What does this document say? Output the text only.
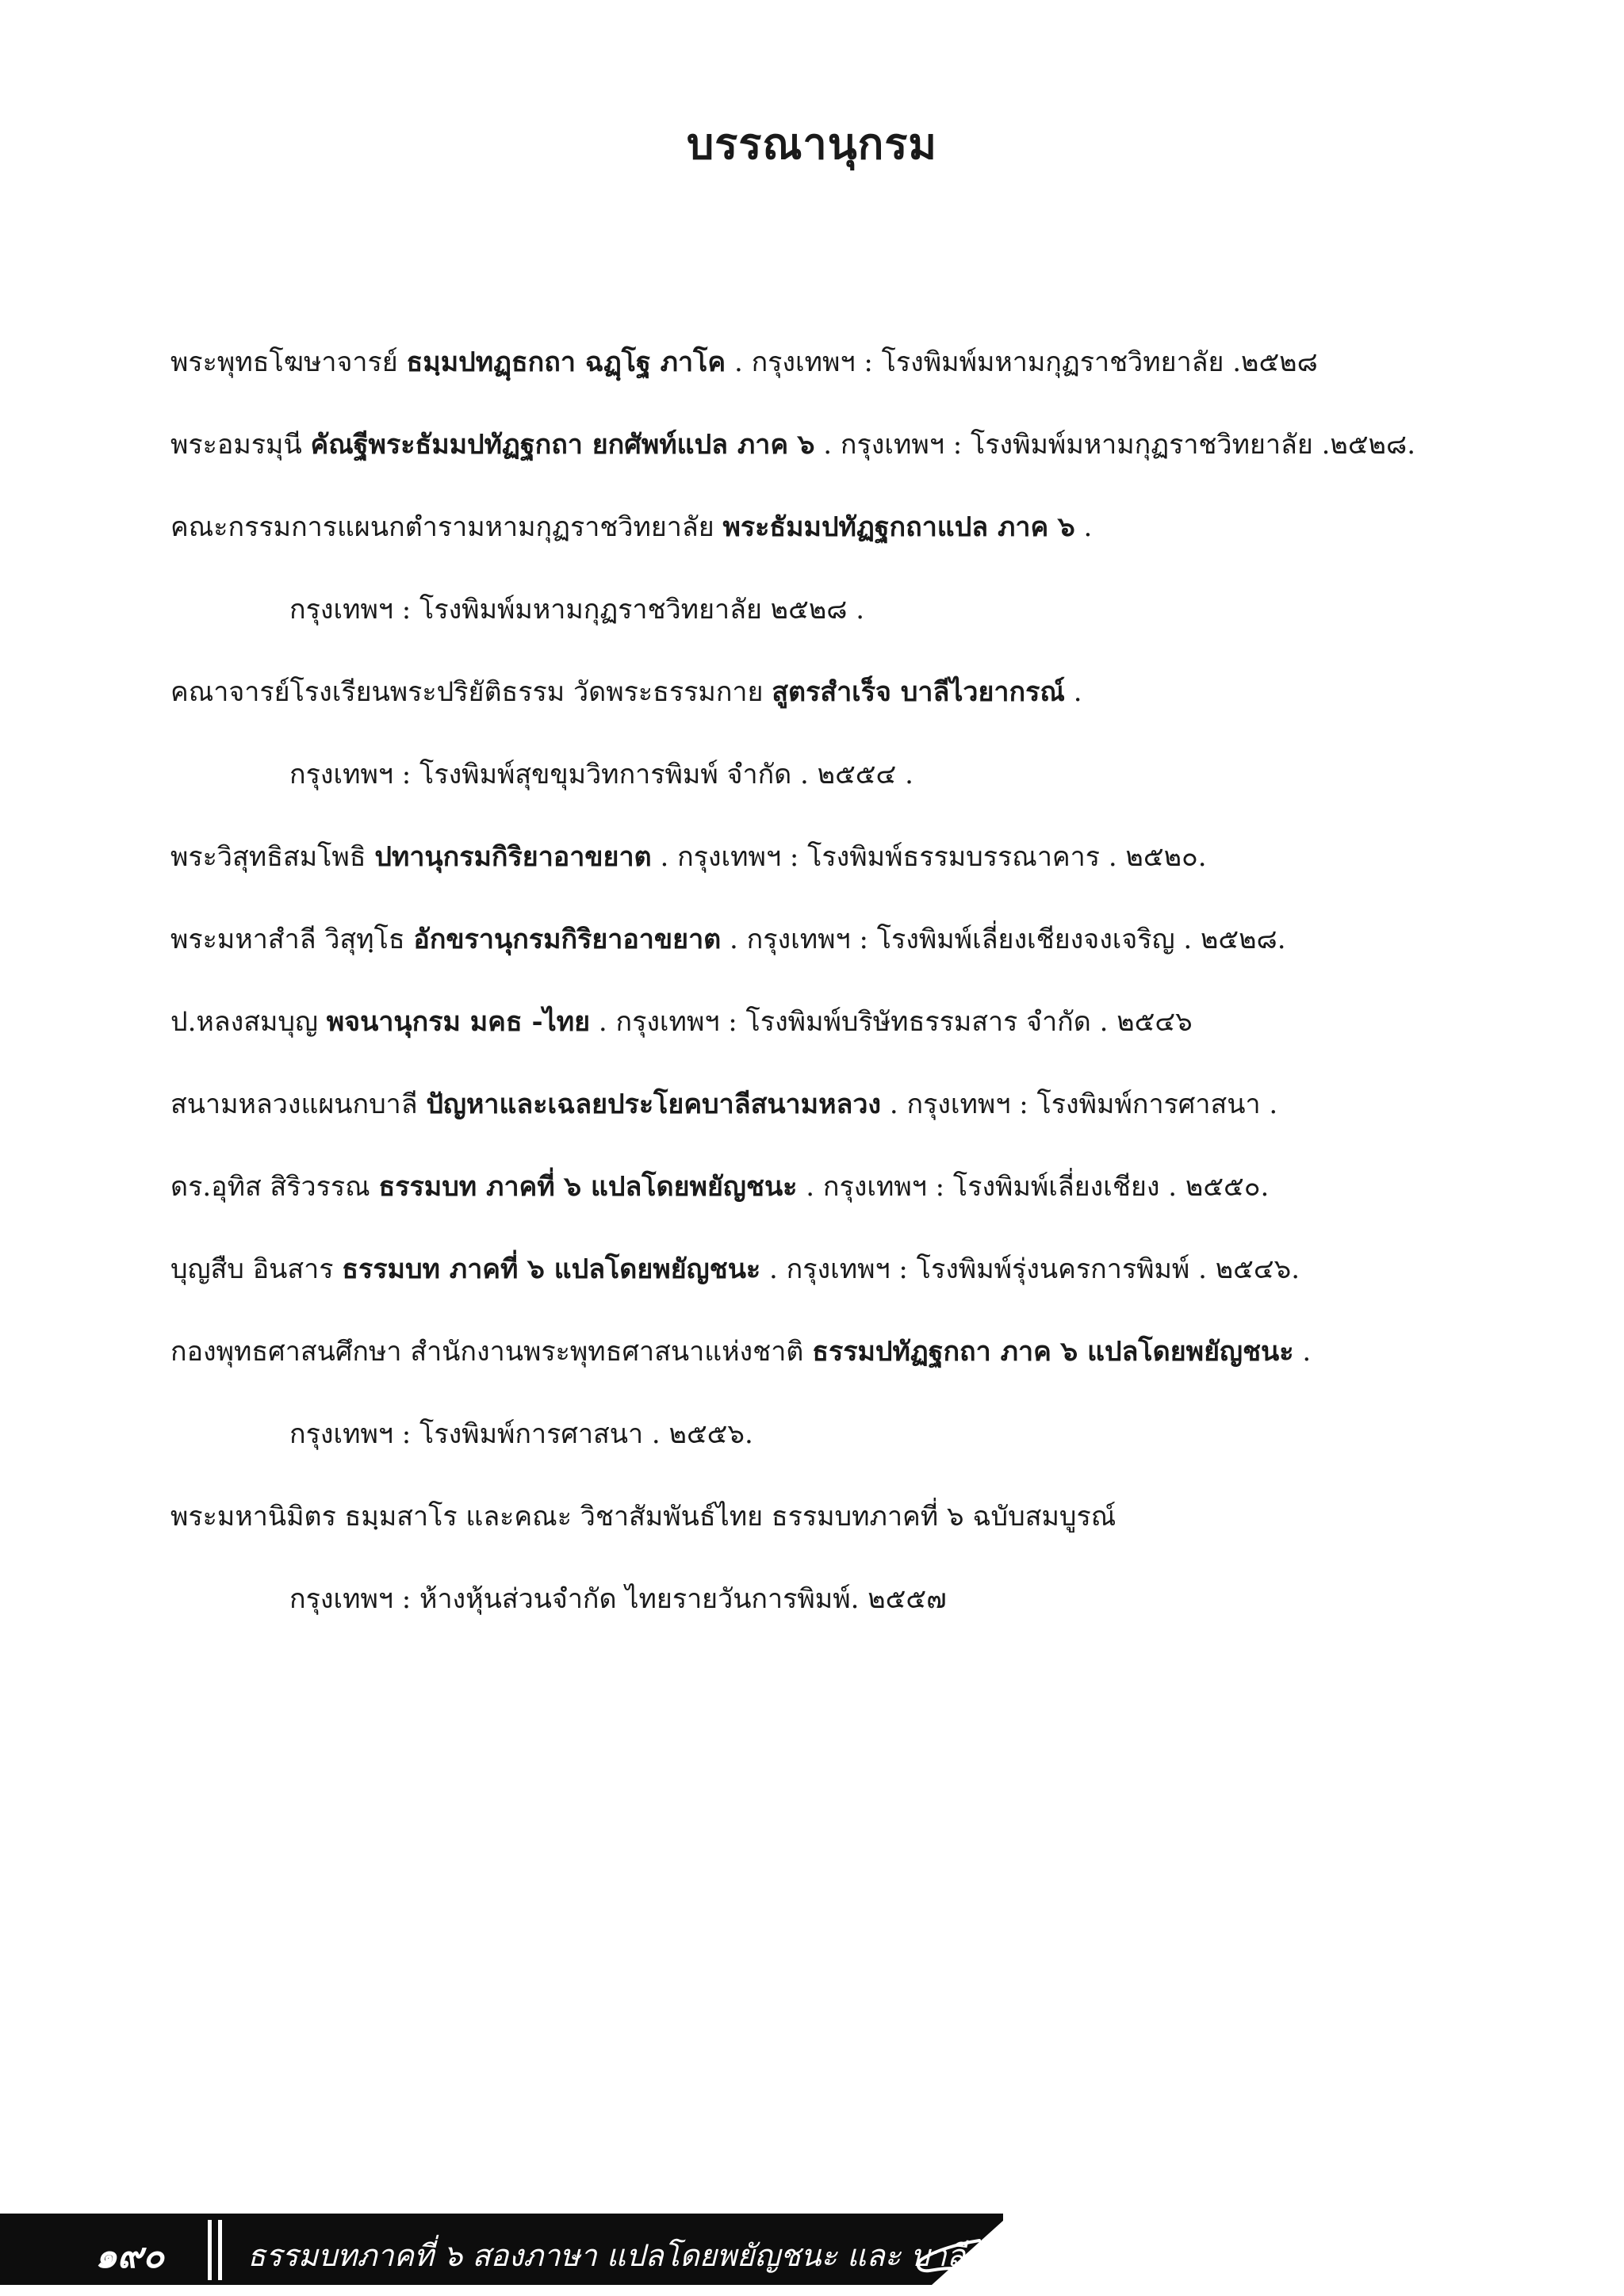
บรรณานุกรม
พระพุทธโฆษาจารย์ ธมฺมปทฏฺธกถา ฉฏฺโฐ ภาโค . กรุงเทพฯ : โรงพิมพ์มหามกุฏราชวิทยาลัย .๒๕๒๘
พระอมรมุนี คัณฐีพระธัมมปทัฏฐกถา ยกศัพท์แปล ภาค ๖ . กรุงเทพฯ : โรงพิมพ์มหามกุฏราชวิทยาลัย .๒๕๒๘.
คณะกรรมการแผนกตำรามหามกุฏราชวิทยาลัย พระธัมมปทัฏฐกถาแปล ภาค ๖ .
กรุงเทพฯ : โรงพิมพ์มหามกุฏราชวิทยาลัย ๒๕๒๘ .
คณาจารย์โรงเรียนพระปริยัติธรรม วัดพระธรรมกาย สูตรสำเร็จ บาลีไวยากรณ์ .
กรุงเทพฯ : โรงพิมพ์สุขขุมวิทการพิมพ์ จำกัด . ๒๕๕๔ .
พระวิสุทธิสมโพธิ ปทานุกรมกิริยาอาขยาต . กรุงเทพฯ : โรงพิมพ์ธรรมบรรณาคาร . ๒๕๒๐.
พระมหาสำลี วิสุทฺโธ อักขรานุกรมกิริยาอาขยาต . กรุงเทพฯ : โรงพิมพ์เลี่ยงเชียงจงเจริญ . ๒๕๒๘.
ป.หลงสมบุญ พจนานุกรม มคธ -ไทย . กรุงเทพฯ : โรงพิมพ์บริษัทธรรมสาร จำกัด . ๒๕๔๖
สนามหลวงแผนกบาลี ปัญหาและเฉลยประโยคบาลีสนามหลวง . กรุงเทพฯ : โรงพิมพ์การศาสนา .
ดร.อุทิส สิริวรรณ ธรรมบท ภาคที่ ๖ แปลโดยพยัญชนะ . กรุงเทพฯ : โรงพิมพ์เลี่ยงเชียง . ๒๕๕๐.
บุญสืบ อินสาร ธรรมบท ภาคที่ ๖ แปลโดยพยัญชนะ . กรุงเทพฯ : โรงพิมพ์รุ่งนครการพิมพ์ . ๒๕๔๖.
กองพุทธศาสนศึกษา สำนักงานพระพุทธศาสนาแห่งชาติ ธรรมปทัฏฐกถา ภาค ๖ แปลโดยพยัญชนะ .
กรุงเทพฯ : โรงพิมพ์การศาสนา . ๒๕๕๖.
พระมหานิมิตร ธมฺมสาโร และคณะ วิชาสัมพันธ์ไทย ธรรมบทภาคที่ ๖ ฉบับสมบูรณ์
กรุงเทพฯ : ห้างหุ้นส่วนจำกัด ไทยรายวันการพิมพ์. ๒๕๕๗
๑๙๐	ธรรมบทภาคที่ ๖ สองภาษา แปลโดยพยัญชนะ และ บาลี
